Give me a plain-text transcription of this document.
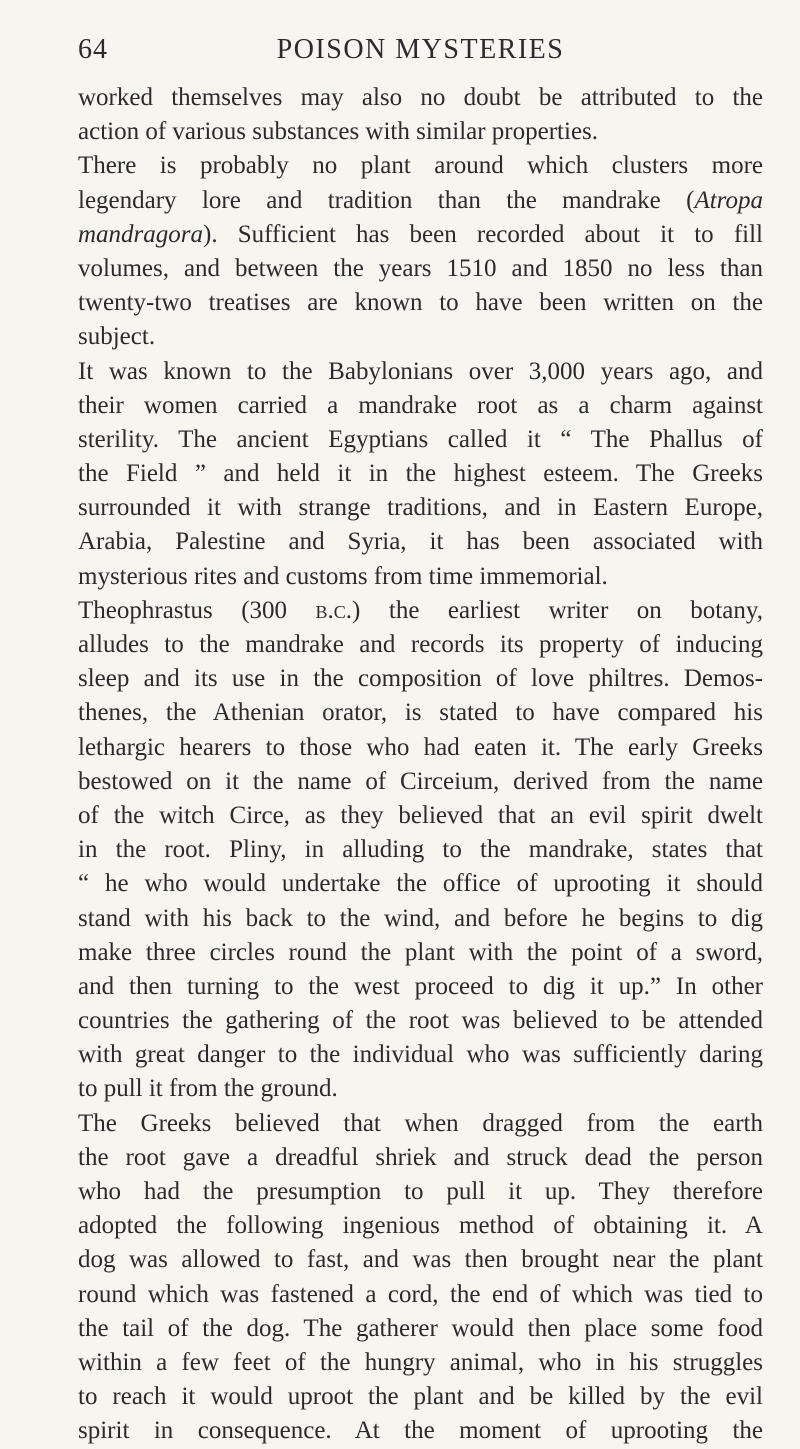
64	POISON MYSTERIES
worked themselves may also no doubt be attributed to the
action of various substances with similar properties.
There is probably no plant around which clusters more
legendary lore and tradition than the mandrake (Atropa
mandragora). Sufficient has been recorded about it to fill
volumes, and between the years 1510 and 1850 no less than
twenty-two treatises are known to have been written on the
subject.
It was known to the Babylonians over 3,000 years ago, and
their women carried a mandrake root as a charm against
sterility. The ancient Egyptians called it “ The Phallus of
the Field ” and held it in the highest esteem. The Greeks
surrounded it with strange traditions, and in Eastern Europe,
Arabia, Palestine and Syria, it has been associated with
mysterious rites and customs from time immemorial.
Theophrastus (300 b.c.) the earliest writer on botany,
alludes to the mandrake and records its property of inducing
sleep and its use in the composition of love philtres. Demos-
thenes, the Athenian orator, is stated to have compared his
lethargic hearers to those who had eaten it. The early Greeks
bestowed on it the name of Circeium, derived from the name
of the witch Circe, as they believed that an evil spirit dwelt
in the root. Pliny, in alluding to the mandrake, states that
“ he who would undertake the office of uprooting it should
stand with his back to the wind, and before he begins to dig
make three circles round the plant with the point of a sword,
and then turning to the west proceed to dig it up.” In other
countries the gathering of the root was believed to be attended
with great danger to the individual who was sufficiently daring
to pull it from the ground.
The Greeks believed that when dragged from the earth
the root gave a dreadful shriek and struck dead the person
who had the presumption to pull it up. They therefore
adopted the following ingenious method of obtaining it. A
dog was allowed to fast, and was then brought near the plant
round which was fastened a cord, the end of which was tied to
the tail of the dog. The gatherer would then place some food
within a few feet of the hungry animal, who in his struggles
to reach it would uproot the plant and be killed by the evil
spirit in consequence. At the moment of uprooting the
